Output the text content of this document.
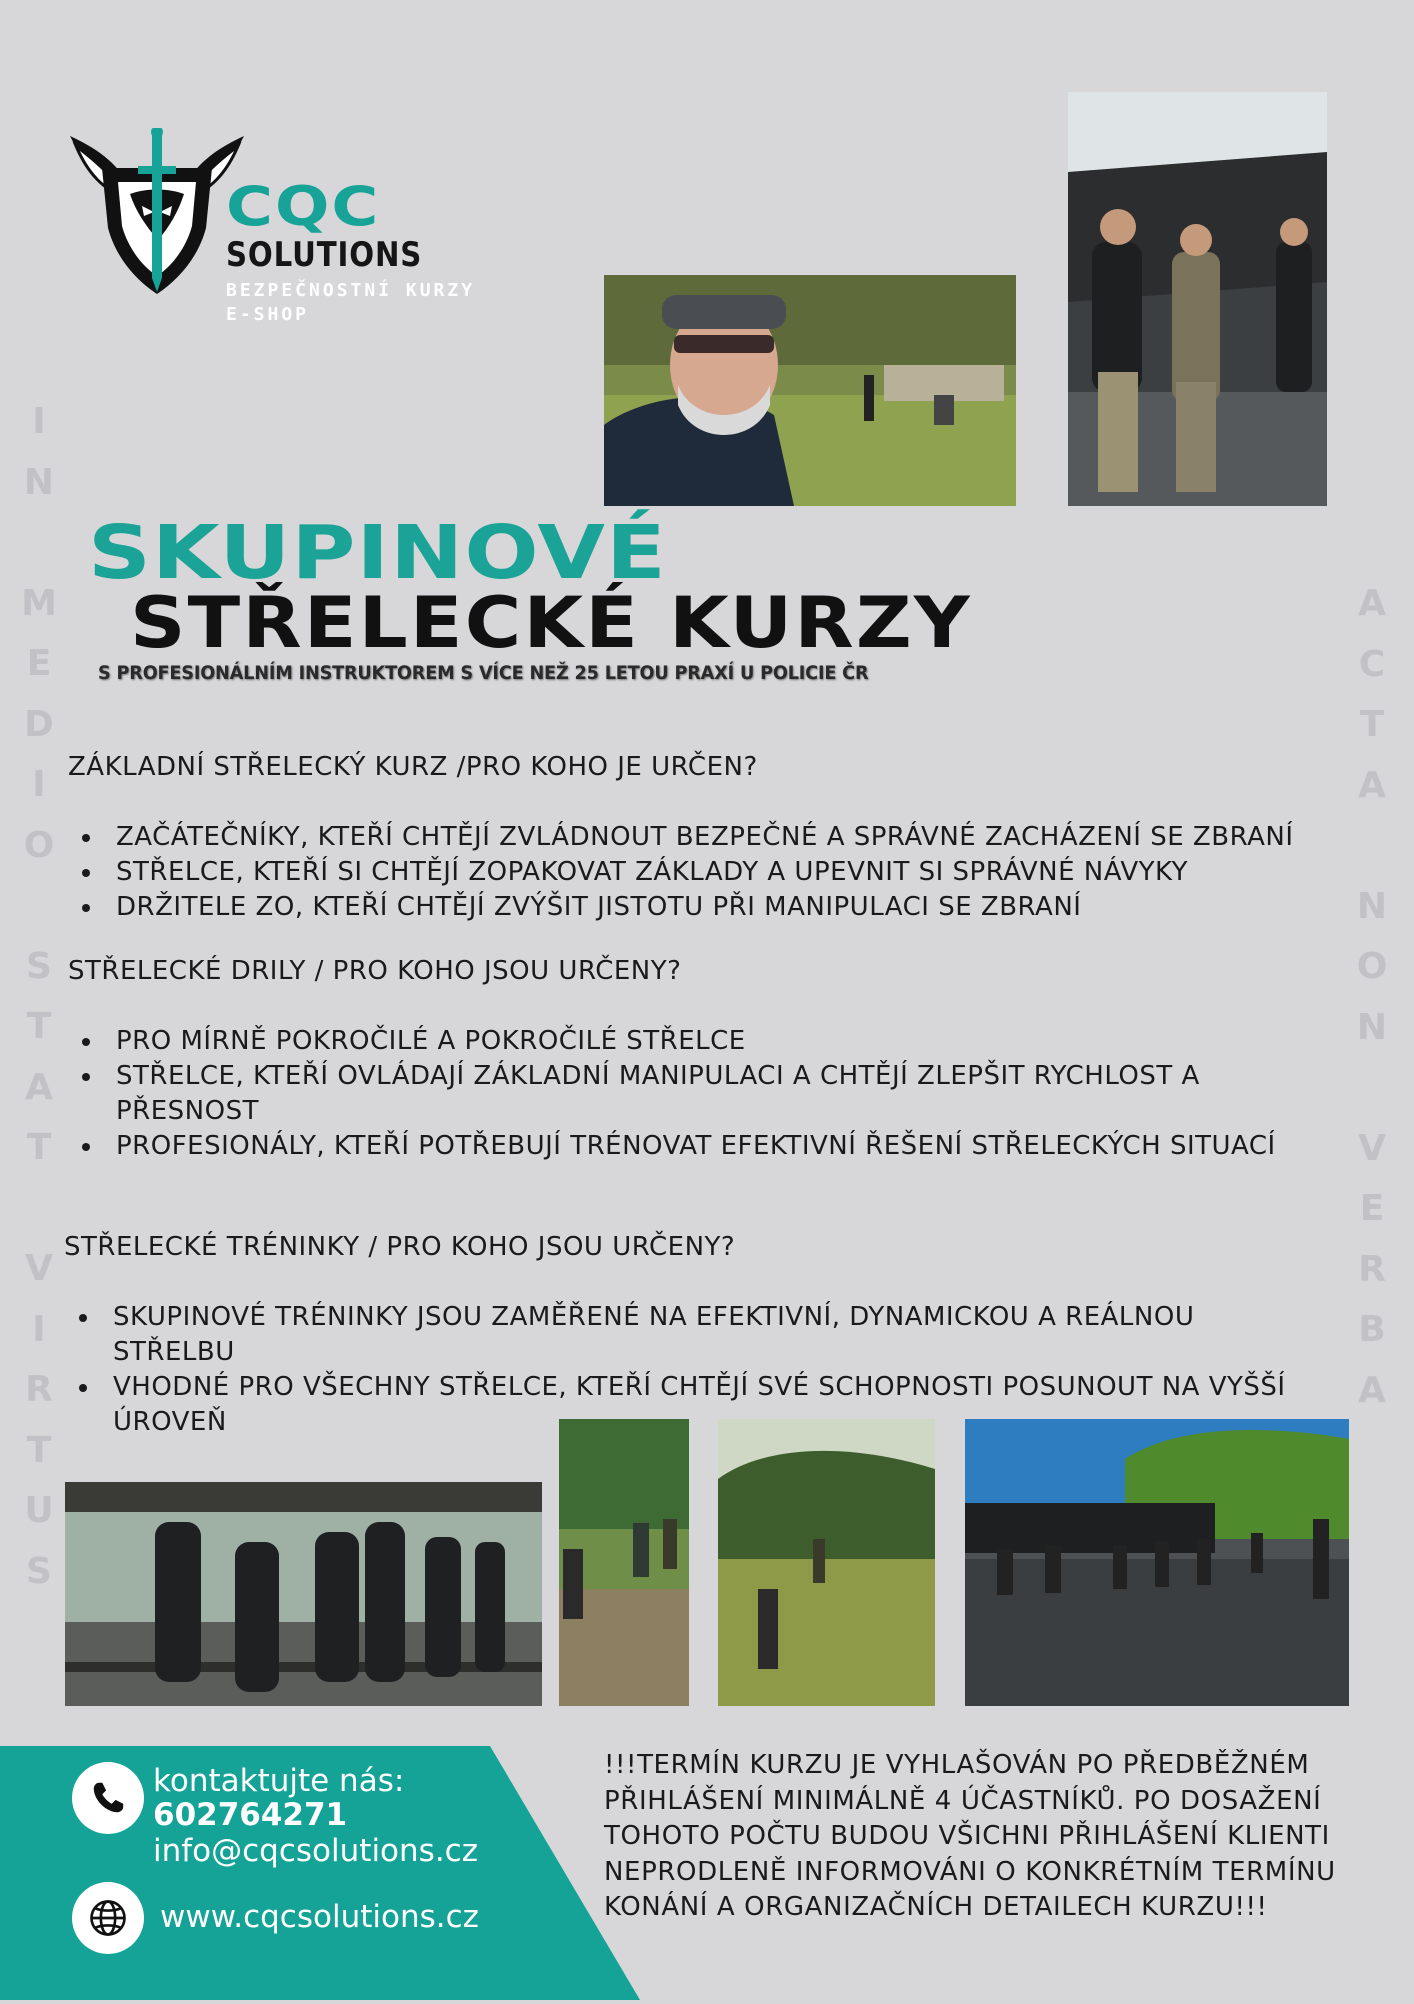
CQC
SOLUTIONS
BEZPEČNOSTNÍ KURZY
E-SHOP
SKUPINOVÉ
STŘELECKÉ KURZY
S PROFESIONÁLNÍM INSTRUKTOREM S VÍCE NEŽ 25 LETOU PRAXÍ U POLICIE ČR
I
N
M
E
D
I
O
S
T
A
T
V
I
R
T
U
S
A
C
T
A
N
O
N
V
E
R
B
A
ZÁKLADNÍ STŘELECKÝ KURZ /PRO KOHO JE URČEN?
ZAČÁTEČNÍKY, KTEŘÍ CHTĚJÍ ZVLÁDNOUT BEZPEČNÉ A SPRÁVNÉ ZACHÁZENÍ SE ZBRANÍ
STŘELCE, KTEŘÍ SI CHTĚJÍ ZOPAKOVAT ZÁKLADY A UPEVNIT SI SPRÁVNÉ NÁVYKY
DRŽITELE ZO, KTEŘÍ CHTĚJÍ ZVÝŠIT JISTOTU PŘI MANIPULACI SE ZBRANÍ
STŘELECKÉ DRILY / PRO KOHO JSOU URČENY?
PRO MÍRNĚ POKROČILÉ A POKROČILÉ STŘELCE
STŘELCE, KTEŘÍ OVLÁDAJÍ ZÁKLADNÍ MANIPULACI A CHTĚJÍ ZLEPŠIT RYCHLOST A PŘESNOST
PROFESIONÁLY, KTEŘÍ POTŘEBUJÍ TRÉNOVAT EFEKTIVNÍ ŘEŠENÍ STŘELECKÝCH SITUACÍ
STŘELECKÉ TRÉNINKY / PRO KOHO JSOU URČENY?
SKUPINOVÉ TRÉNINKY JSOU ZAMĚŘENÉ NA EFEKTIVNÍ, DYNAMICKOU A REÁLNOU STŘELBU
VHODNÉ PRO VŠECHNY STŘELCE, KTEŘÍ CHTĚJÍ SVÉ SCHOPNOSTI POSUNOUT NA VYŠŠÍ ÚROVEŇ
kontaktujte nás:
602764271
info@cqcsolutions.cz
www.cqcsolutions.cz
!!!TERMÍN KURZU JE VYHLAŠOVÁN PO PŘEDBĚŽNÉM PŘIHLÁŠENÍ MINIMÁLNĚ 4 ÚČASTNÍKŮ. PO DOSAŽENÍ TOHOTO POČTU BUDOU VŠICHNI PŘIHLÁŠENÍ KLIENTI NEPRODLENĚ INFORMOVÁNI O KONKRÉTNÍM TERMÍNU KONÁNÍ A ORGANIZAČNÍCH DETAILECH KURZU!!!
